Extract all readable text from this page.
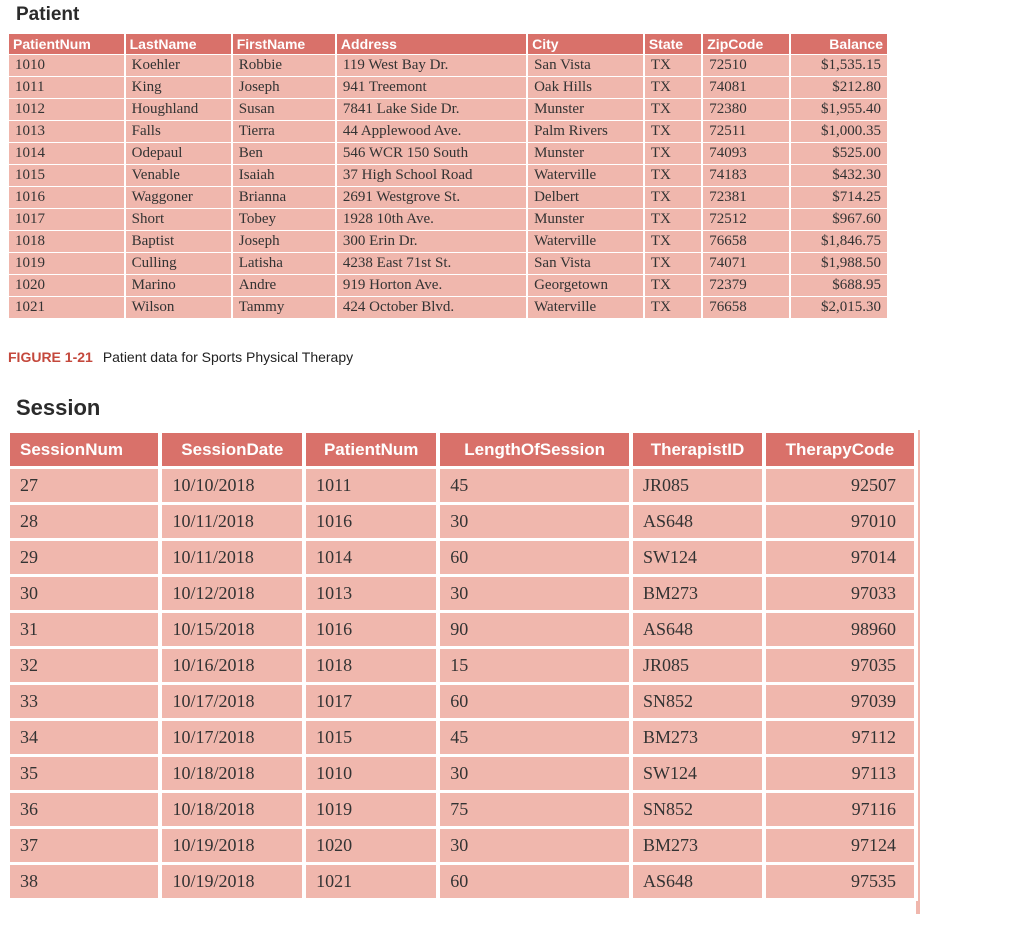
Patient
PatientNum	LastName	FirstName	Address	City	State	ZipCode	Balance
1010	Koehler	Robbie	119 West Bay Dr.	San Vista	TX	72510	$1,535.15
1011	King	Joseph	941 Treemont	Oak Hills	TX	74081	$212.80
1012	Houghland	Susan	7841 Lake Side Dr.	Munster	TX	72380	$1,955.40
1013	Falls	Tierra	44 Applewood Ave.	Palm Rivers	TX	72511	$1,000.35
1014	Odepaul	Ben	546 WCR 150 South	Munster	TX	74093	$525.00
1015	Venable	Isaiah	37 High School Road	Waterville	TX	74183	$432.30
1016	Waggoner	Brianna	2691 Westgrove St.	Delbert	TX	72381	$714.25
1017	Short	Tobey	1928 10th Ave.	Munster	TX	72512	$967.60
1018	Baptist	Joseph	300 Erin Dr.	Waterville	TX	76658	$1,846.75
1019	Culling	Latisha	4238 East 71st St.	San Vista	TX	74071	$1,988.50
1020	Marino	Andre	919 Horton Ave.	Georgetown	TX	72379	$688.95
1021	Wilson	Tammy	424 October Blvd.	Waterville	TX	76658	$2,015.30

FIGURE 1-21 Patient data for Sports Physical Therapy

Session
SessionNum	SessionDate	PatientNum	LengthOfSession	TherapistID	TherapyCode
27	10/10/2018	1011	45	JR085	92507
28	10/11/2018	1016	30	AS648	97010
29	10/11/2018	1014	60	SW124	97014
30	10/12/2018	1013	30	BM273	97033
31	10/15/2018	1016	90	AS648	98960
32	10/16/2018	1018	15	JR085	97035
33	10/17/2018	1017	60	SN852	97039
34	10/17/2018	1015	45	BM273	97112
35	10/18/2018	1010	30	SW124	97113
36	10/18/2018	1019	75	SN852	97116
37	10/19/2018	1020	30	BM273	97124
38	10/19/2018	1021	60	AS648	97535
